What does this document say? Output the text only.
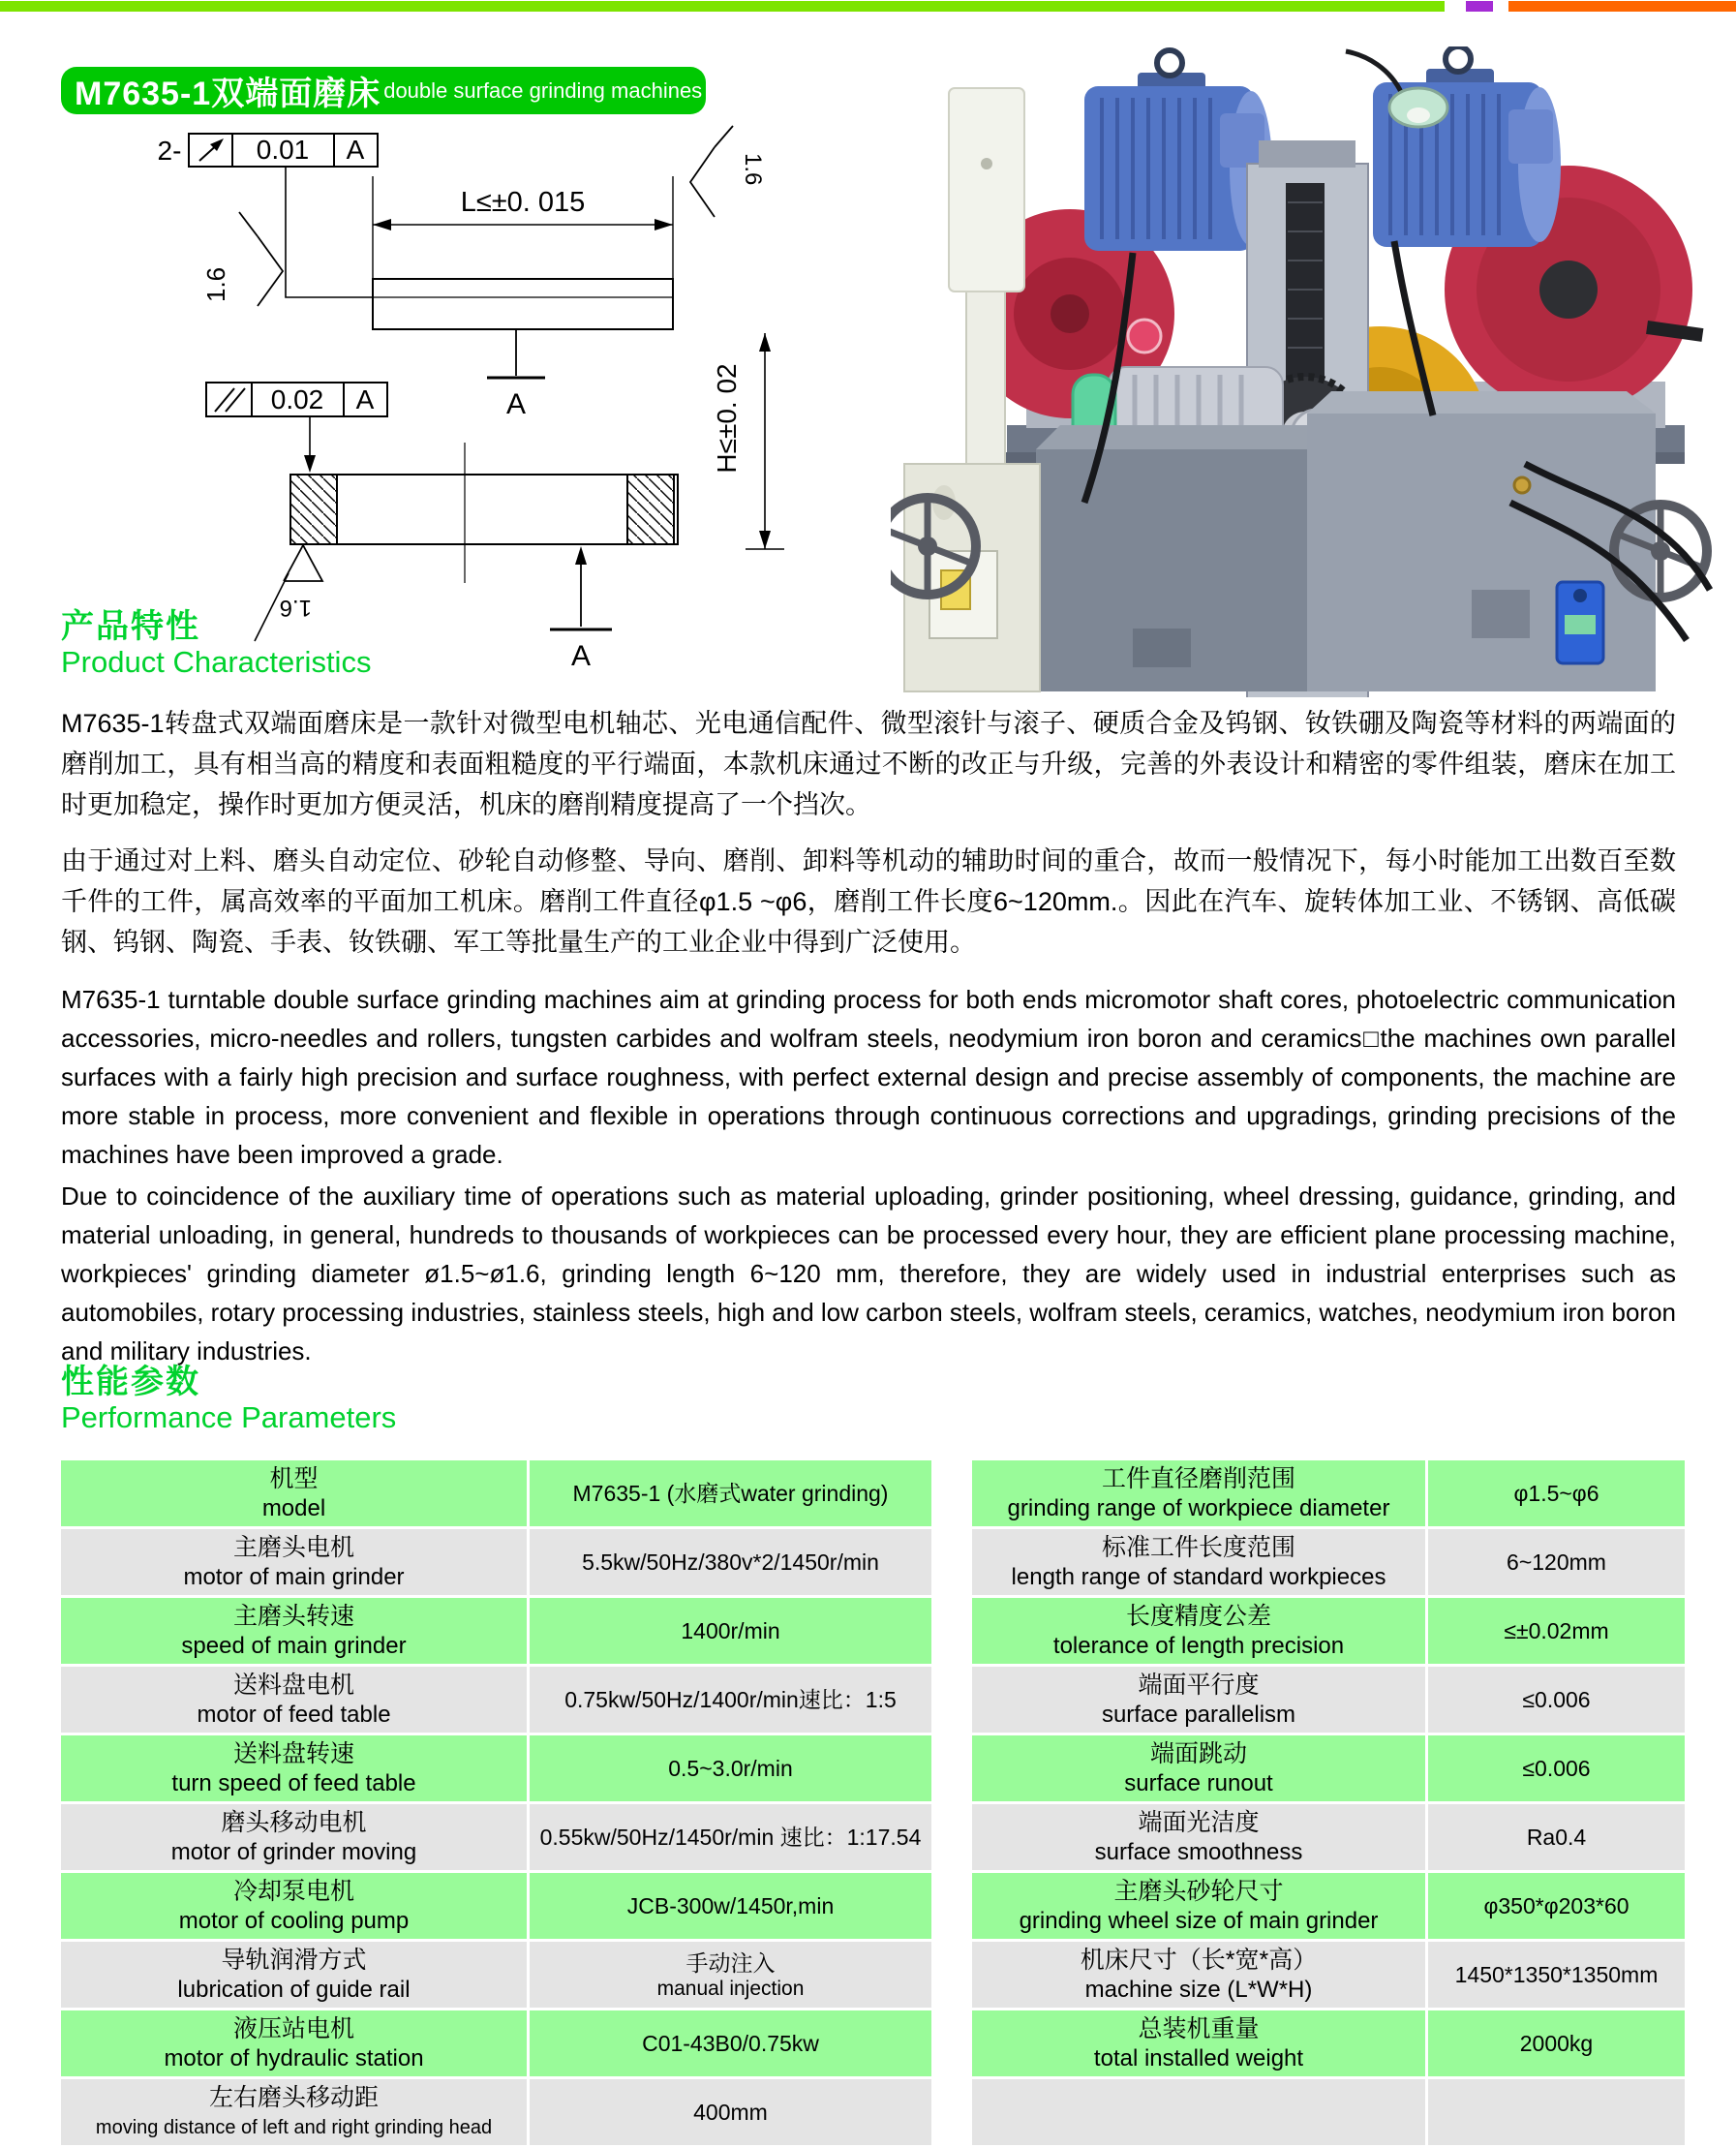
M7635-1双端面磨床 double surface grinding machines
2-	0.01 A
1.6
L≤±0. 015
A
1.6
H≤±0. 02
0.02 A
1.6
A
产品特性
Product Characteristics
M7635-1转盘式双端面磨床是一款针对微型电机轴芯、光电通信配件、微型滚针与滚子、硬质合金及钨钢、钕铁硼及陶瓷等材料的两端面的磨削加工，具有相当高的精度和表面粗糙度的平行端面，本款机床通过不断的改正与升级，完善的外表设计和精密的零件组装，磨床在加工时更加稳定，操作时更加方便灵活，机床的磨削精度提高了一个挡次。
由于通过对上料、磨头自动定位、砂轮自动修整、导向、磨削、卸料等机动的辅助时间的重合，故而一般情况下，每小时能加工出数百至数千件的工件，属高效率的平面加工机床。磨削工件直径φ1.5 ~φ6，磨削工件长度6~120mm.。因此在汽车、旋转体加工业、不锈钢、高低碳钢、钨钢、陶瓷、手表、钕铁硼、军工等批量生产的工业企业中得到广泛使用。
M7635-1 turntable double surface grinding machines aim at grinding process for both ends micromotor shaft cores, photoelectric communication accessories, micro-needles and rollers, tungsten carbides and wolfram steels, neodymium iron boron and ceramics□the machines own parallel surfaces with a fairly high precision and surface roughness, with perfect external design and precise assembly of components, the machine are more stable in process, more convenient and flexible in operations through continuous corrections and upgradings, grinding precisions of the machines have been improved a grade.
Due to coincidence of the auxiliary time of operations such as material uploading, grinder positioning, wheel dressing, guidance, grinding, and material unloading, in general, hundreds to thousands of workpieces can be processed every hour, they are efficient plane processing machine, workpieces' grinding diameter ø1.5~ø1.6, grinding length 6~120 mm, therefore, they are widely used in industrial enterprises such as automobiles, rotary processing industries, stainless steels, high and low carbon steels, wolfram steels, ceramics, watches, neodymium iron boron and military industries.
性能参数
Performance Parameters
机型
model
M7635-1 (水磨式water grinding)
主磨头电机
motor of main grinder
5.5kw/50Hz/380v*2/1450r/min
主磨头转速
speed of main grinder
1400r/min
送料盘电机
motor of feed table
0.75kw/50Hz/1400r/min速比：1:5
送料盘转速
turn speed of feed table
0.5~3.0r/min
磨头移动电机
motor of grinder moving
0.55kw/50Hz/1450r/min 速比：1:17.54
冷却泵电机
motor of cooling pump
JCB-300w/1450r,min
导轨润滑方式
lubrication of guide rail
手动注入
manual injection
液压站电机
motor of hydraulic station
C01-43B0/0.75kw
左右磨头移动距
moving distance of left and right grinding head
400mm
工件直径磨削范围
grinding range of workpiece diameter
φ1.5~φ6
标准工件长度范围
length range of standard workpieces
6~120mm
长度精度公差
tolerance of length precision
≤±0.02mm
端面平行度
surface parallelism
≤0.006
端面跳动
surface runout
≤0.006
端面光洁度
surface smoothness
Ra0.4
主磨头砂轮尺寸
grinding wheel size of main grinder
φ350*φ203*60
机床尺寸（长*宽*高）
machine size (L*W*H)
1450*1350*1350mm
总装机重量
total installed weight
2000kg
